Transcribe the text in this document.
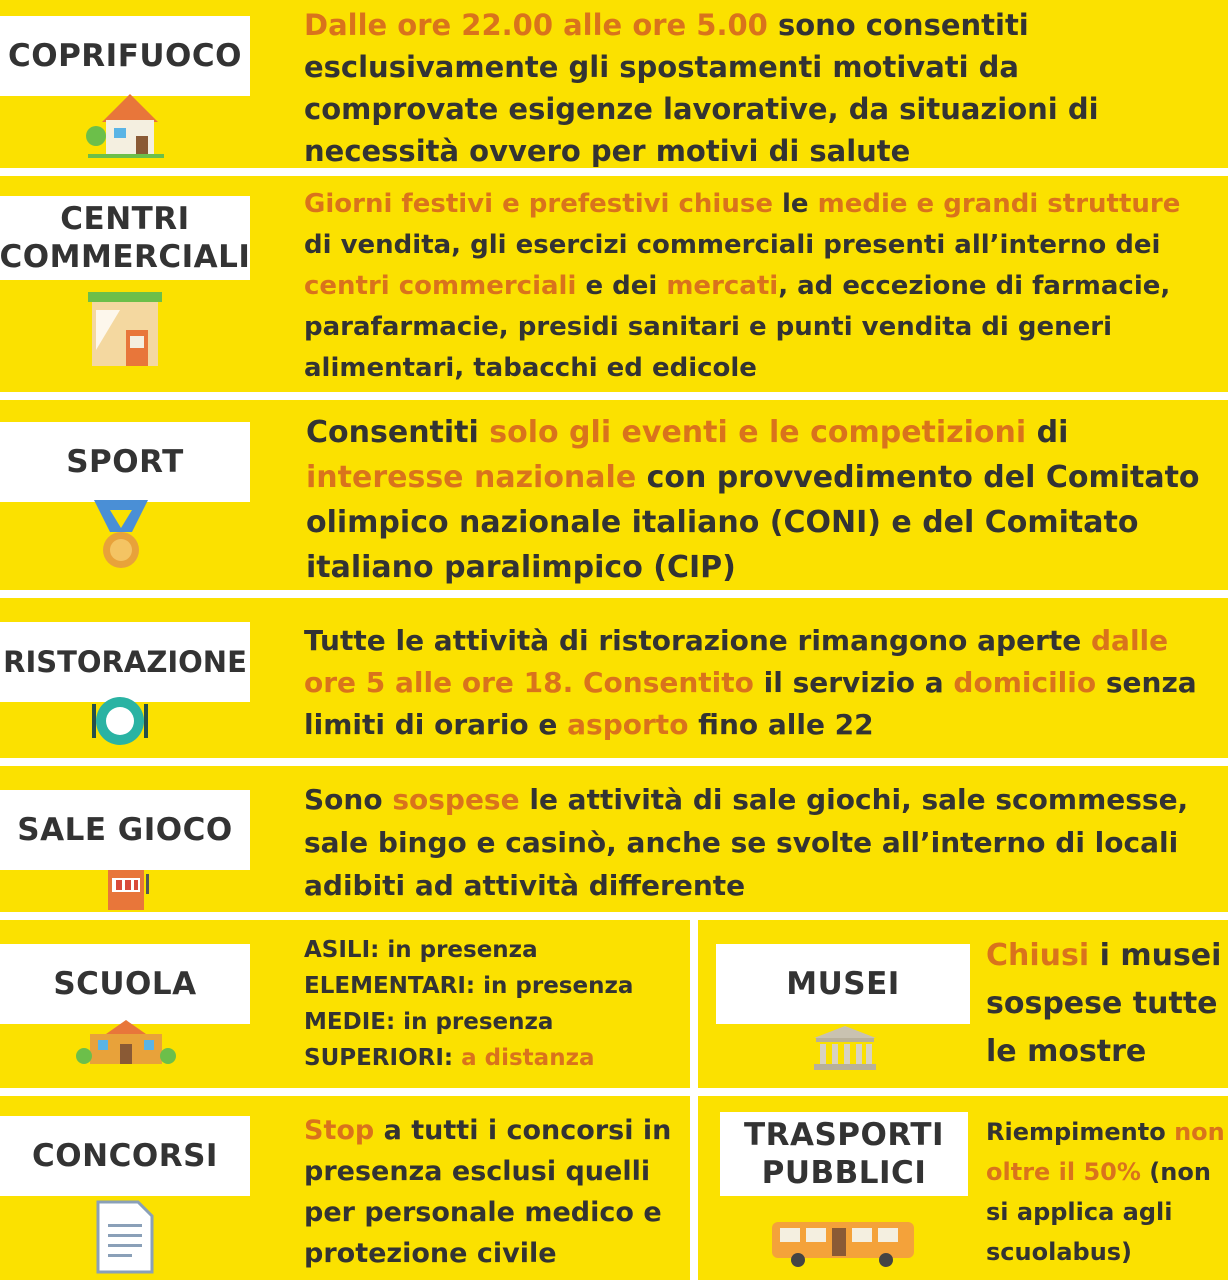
COPRIFUOCO
Dalle ore 22.00 alle ore 5.00 sono consentiti esclusivamente gli spostamenti motivati da comprovate esigenze lavorative, da situazioni di necessità ovvero per motivi di salute
CENTRI
COMMERCIALI
Giorni festivi e prefestivi chiuse le medie e grandi strutture di vendita, gli esercizi commerciali presenti all’interno dei centri commerciali e dei mercati, ad eccezione di farmacie, parafarmacie, presidi sanitari e punti vendita di generi alimentari, tabacchi ed edicole
SPORT
Consentiti solo gli eventi e le competizioni di interesse nazionale con provvedimento del Comitato olimpico nazionale italiano (CONI) e del Comitato italiano paralimpico (CIP)
RISTORAZIONE
Tutte le attività di ristorazione rimangono aperte dalle ore 5 alle ore 18. Consentito il servizio a domicilio senza limiti di orario e asporto fino alle 22
SALE GIOCO
Sono sospese le attività di sale giochi, sale scommesse, sale bingo e casinò, anche se svolte all’interno di locali adibiti ad attività differente
SCUOLA
ASILI: in presenza
ELEMENTARI: in presenza
MEDIE: in presenza
SUPERIORI: a distanza
MUSEI
Chiusi i musei sospese tutte le mostre
CONCORSI
Stop a tutti i concorsi in presenza esclusi quelli per personale medico e protezione civile
TRASPORTI
PUBBLICI
Riempimento non oltre il 50% (non si applica agli scuolabus)
